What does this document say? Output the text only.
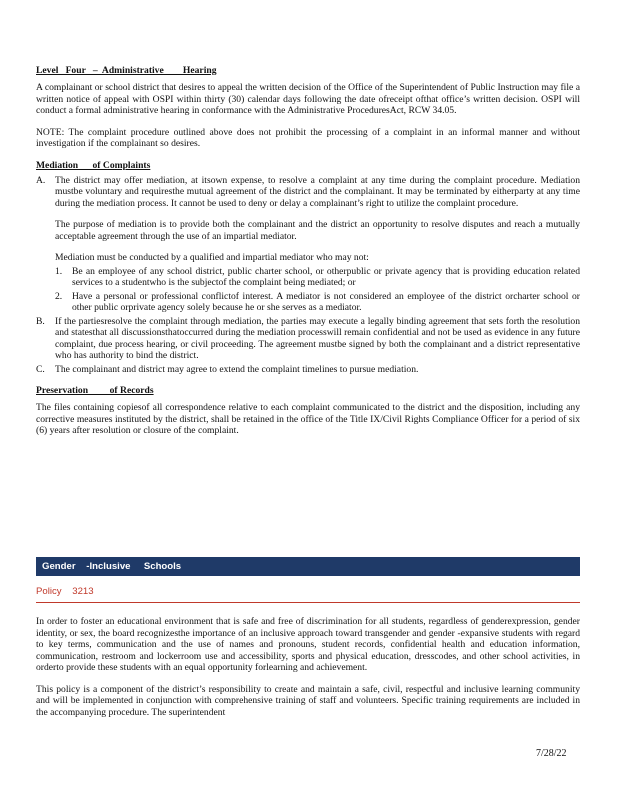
Level   Four   –  Administrative        Hearing

A complainant or school district that desires to appeal the written decision of the Office of the Superintendent of Public Instruction may file a written notice of appeal with OSPI within thirty (30) calendar days following the date ofreceipt ofthat office’s written decision. OSPI will conduct a formal administrative hearing in conformance with the Administrative ProceduresAct, RCW 34.05.

NOTE: The complaint procedure outlined above does not prohibit the processing of a complaint in an informal manner and without investigation if the complainant so desires.

Mediation      of Complaints
A. The district may offer mediation, at itsown expense, to resolve a complaint at any time during the complaint procedure. Mediation mustbe voluntary and requiresthe mutual agreement of the district and the complainant. It may be terminated by eitherparty at any time during the mediation process. It cannot be used to deny or delay a complainant’s right to utilize the complaint procedure.

The purpose of mediation is to provide both the complainant and the district an opportunity to resolve disputes and reach a mutually acceptable agreement through the use of an impartial mediator.

Mediation must be conducted by a qualified and impartial mediator who may not:

1. Be an employee of any school district, public charter school, or otherpublic or private agency that is providing education related services to a studentwho is the subjectof the complaint being mediated; or

2. Have a personal or professional conflictof interest. A mediator is not considered an employee of the district orcharter school or other public orprivate agency solely because he or she serves as a mediator.

B. If the partiesresolve the complaint through mediation, the parties may execute a legally binding agreement that sets forth the resolution and statesthat all discussionsthatoccurred during the mediation processwill remain confidential and not be used as evidence in any future complaint, due process hearing, or civil proceeding. The agreement mustbe signed by both the complainant and a district representative who has authority to bind the district.

C. The complainant and district may agree to extend the complaint timelines to pursue mediation.

Preservation         of Records

The files containing copiesof all correspondence relative to each complaint communicated to the district and the disposition, including any corrective measures instituted by the district, shall be retained in the office of the Title IX/Civil Rights Compliance Officer for a period of six (6) years after resolution or closure of the complaint.

Gender    -Inclusive     Schools
Policy    3213

In order to foster an educational environment that is safe and free of discrimination for all students, regardless of genderexpression, gender identity, or sex, the board recognizesthe importance of an inclusive approach toward transgender and gender -expansive students with regard to key terms, communication and the use of names and pronouns, student records, confidential health and education information, communication, restroom and lockerroom use and accessibility, sports and physical education, dresscodes, and other school activities, in orderto provide these students with an equal opportunity forlearning and achievement.

This policy is a component of the district’s responsibility to create and maintain a safe, civil, respectful and inclusive learning community and will be implemented in conjunction with comprehensive training of staff and volunteers. Specific training requirements are included in the accompanying procedure. The superintendent

7/28/22
